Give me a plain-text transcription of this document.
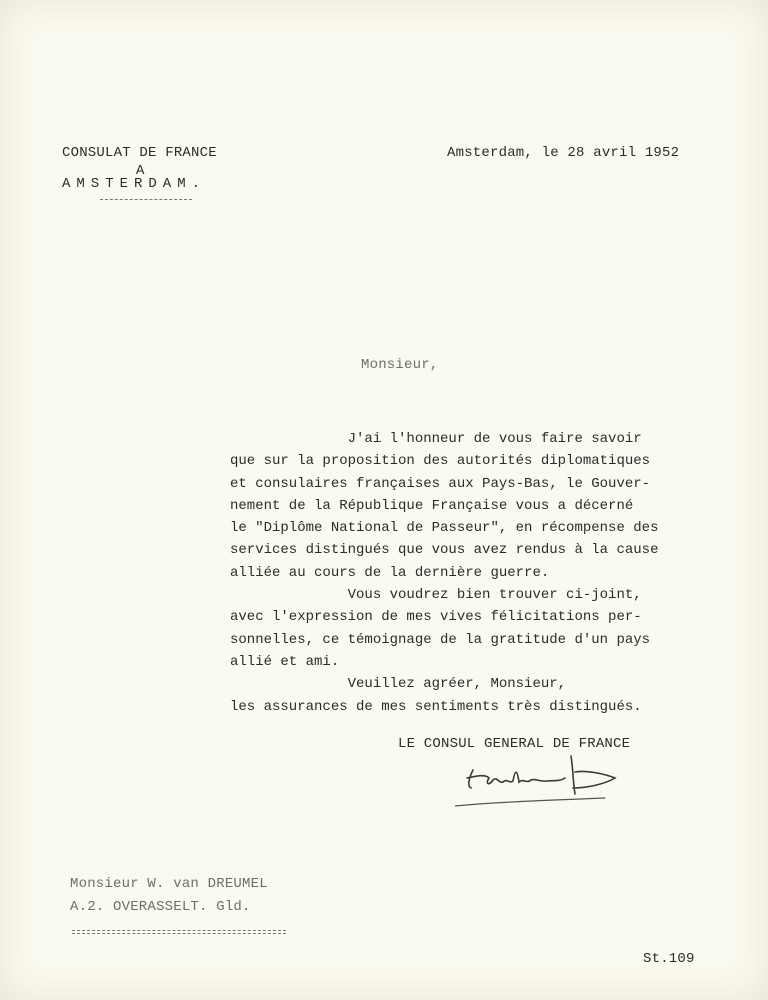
CONSULAT DE FRANCE
A
AMSTERDAM.
Amsterdam, le 28 avril 1952
Monsieur,
J'ai l'honneur de vous faire savoir
que sur la proposition des autorités diplomatiques
et consulaires françaises aux Pays-Bas, le Gouver-
nement de la République Française vous a décerné
le "Diplôme National de Passeur", en récompense des
services distingués que vous avez rendus à la cause
alliée au cours de la dernière guerre.
Vous voudrez bien trouver ci-joint,
avec l'expression de mes vives félicitations per-
sonnelles, ce témoignage de la gratitude d'un pays
allié et ami.
Veuillez agréer, Monsieur,
les assurances de mes sentiments très distingués.
LE CONSUL GENERAL DE FRANCE
Monsieur W. van DREUMEL
A.2. OVERASSELT. Gld.
St.109
